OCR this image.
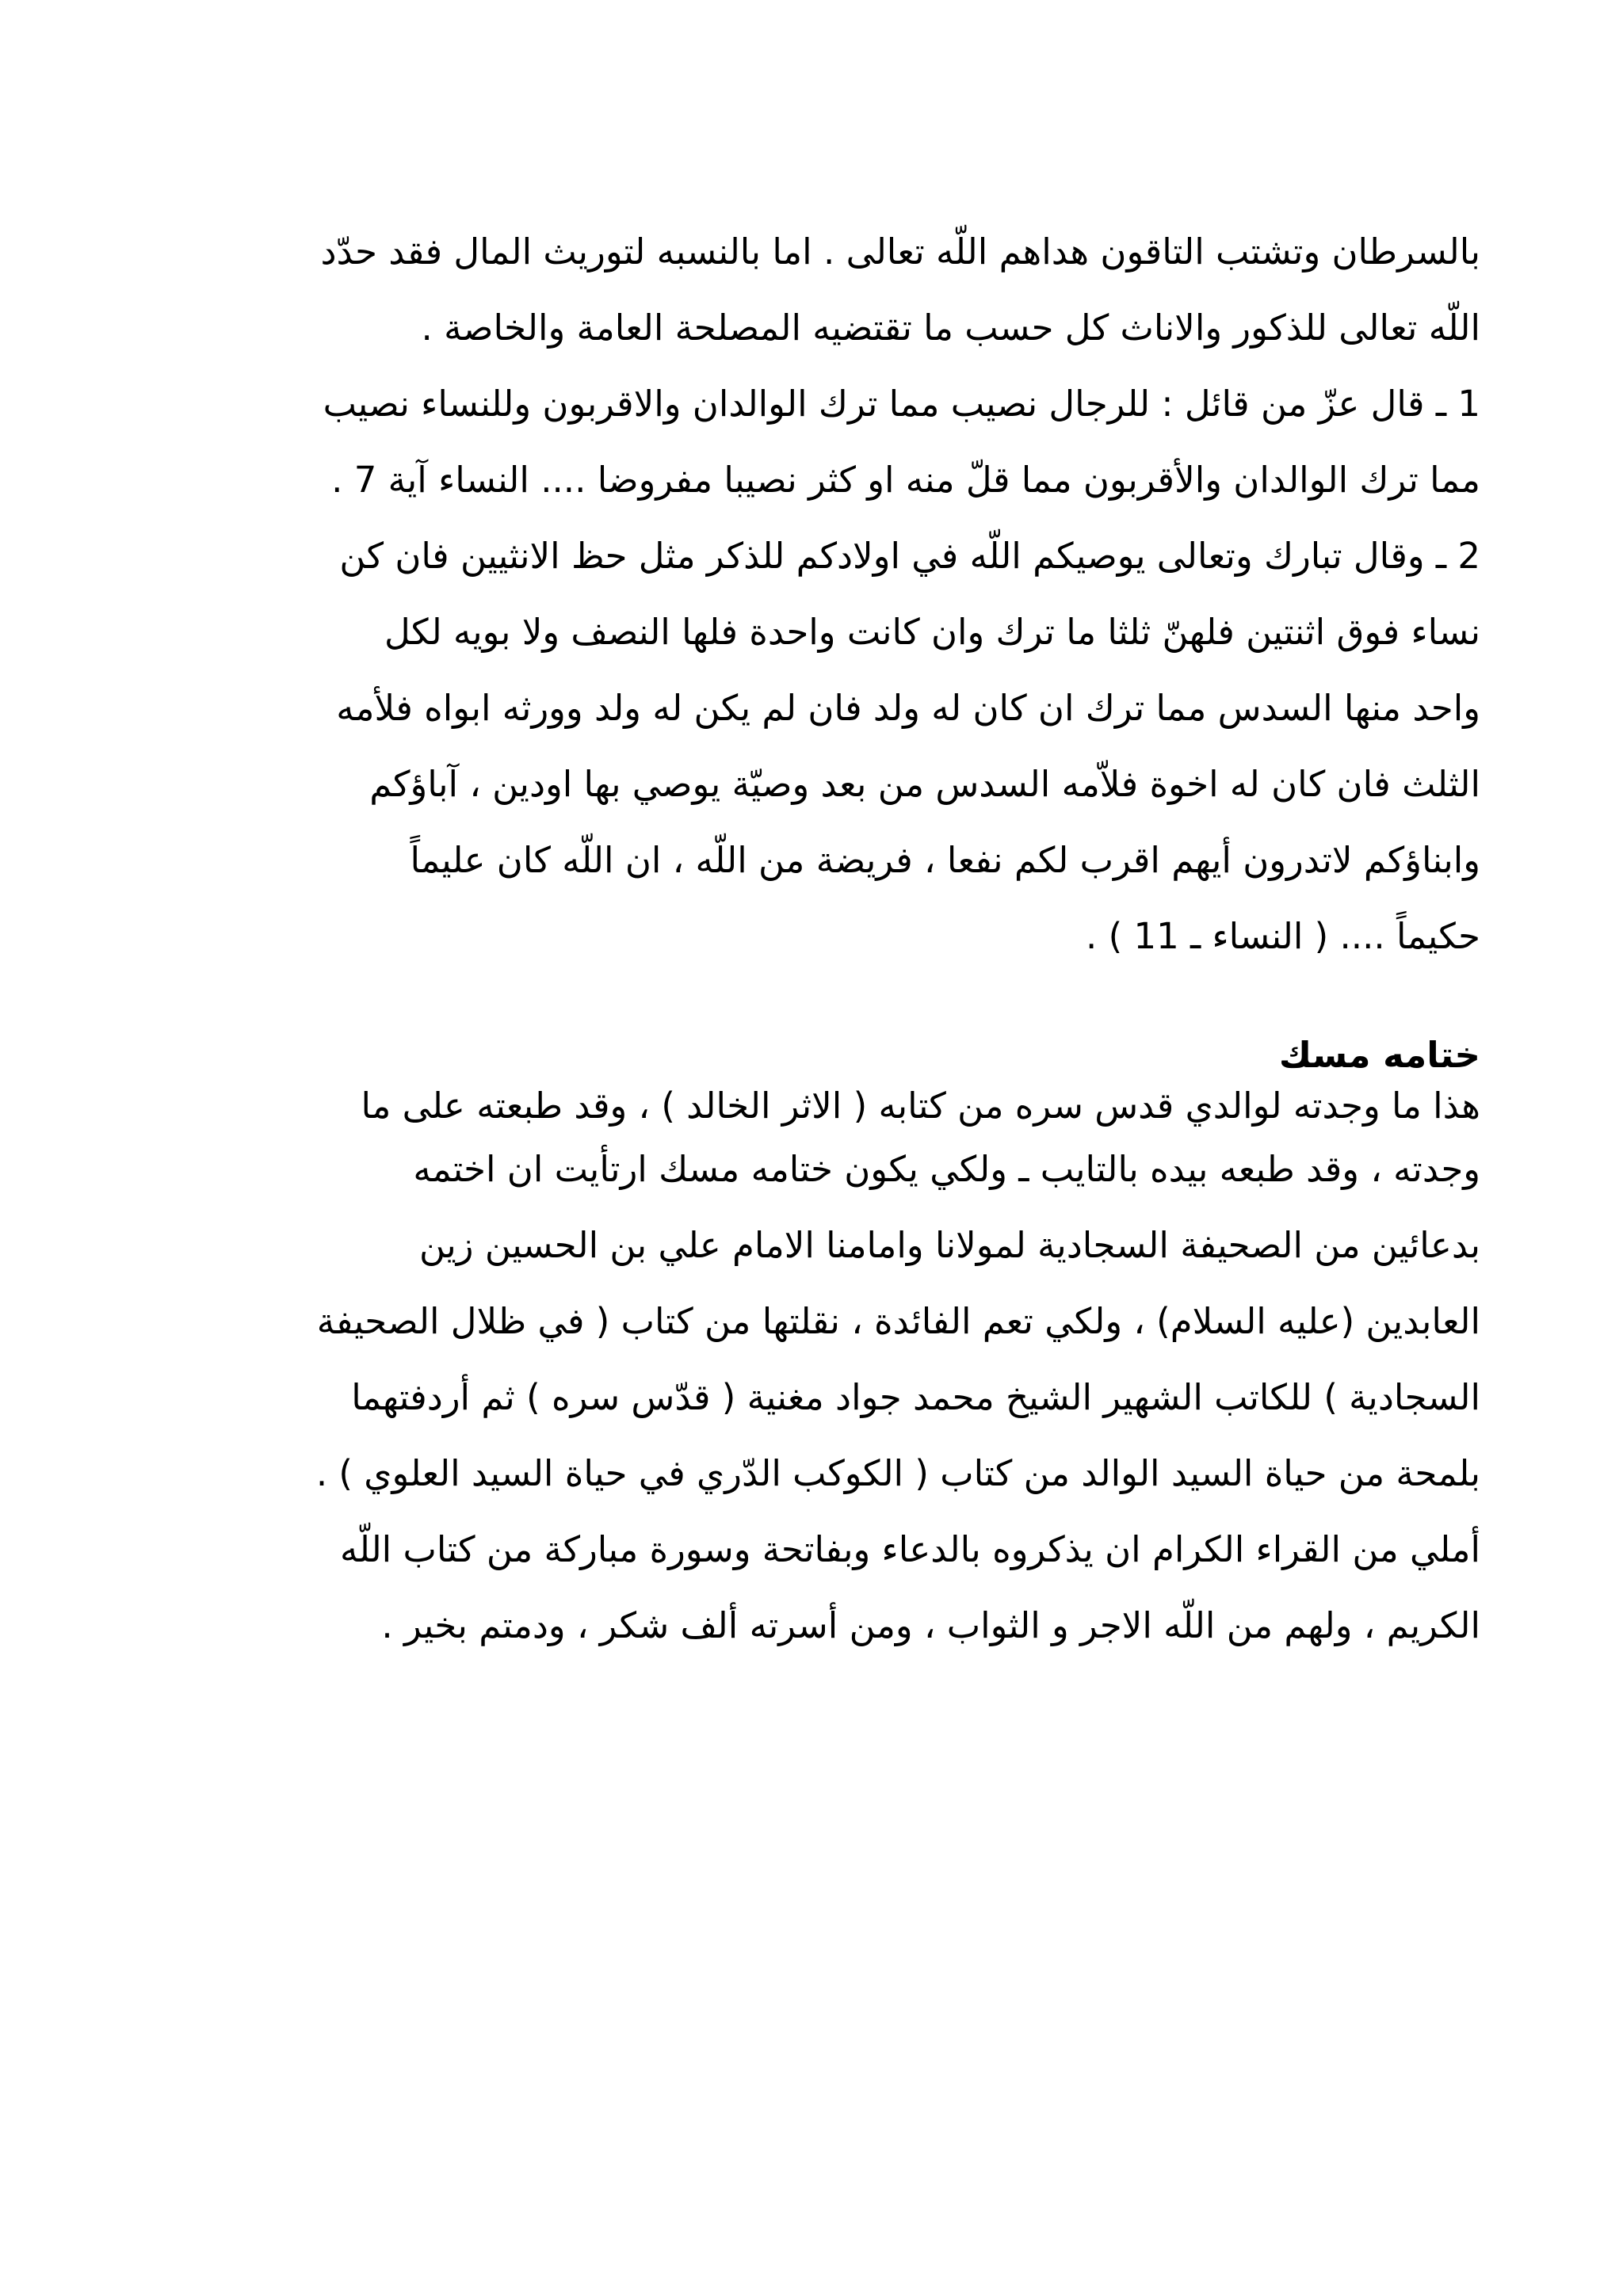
بالسرطان وتشتب التاقون هداهم اللّه تعالى . اما بالنسبه لتوريث المال فقد حدّد
اللّه تعالى للذكور والاناث كل حسب ما تقتضيه المصلحة العامة والخاصة .
1 ـ قال عزّ من قائل : للرجال نصيب مما ترك الوالدان والاقربون وللنساء نصيب
مما ترك الوالدان والأقربون مما قلّ منه او كثر نصيبا مفروضا .... النساء آية 7 .
2 ـ وقال تبارك وتعالى يوصيكم اللّه في اولادكم للذكر مثل حظ الانثيين فان كن
نساء فوق اثنتين فلهنّ ثلثا ما ترك وان كانت واحدة فلها النصف ولا بويه لكل
واحد منها السدس مما ترك ان كان له ولد فان لم يكن له ولد وورثه ابواه فلأمه
الثلث فان كان له اخوة فلاّمه السدس من بعد وصيّة يوصي بها اودين ، آباؤكم
وابناؤكم لاتدرون أيهم اقرب لكم نفعا ، فريضة من اللّه ، ان اللّه كان عليماً
حكيماً .... ( النساء ـ 11 ) .
ختامه مسك
هذا ما وجدته لوالدي قدس سره من كتابه ( الاثر الخالد ) ، وقد طبعته على ما
وجدته ، وقد طبعه بيده بالتايب ـ ولكي يكون ختامه مسك ارتأيت ان اختمه
بدعائين من الصحيفة السجادية لمولانا وامامنا الامام علي بن الحسين زين
العابدين (عليه السلام) ، ولكي تعم الفائدة ، نقلتها من كتاب ( في ظلال الصحيفة
السجادية ) للكاتب الشهير الشيخ محمد جواد مغنية ( قدّس سره ) ثم أردفتهما
بلمحة من حياة السيد الوالد من كتاب ( الكوكب الدّري في حياة السيد العلوي ) .
أملي من القراء الكرام ان يذكروه بالدعاء وبفاتحة وسورة مباركة من كتاب اللّه
الكريم ، ولهم من اللّه الاجر و الثواب ، ومن أسرته ألف شكر ، ودمتم بخير .
